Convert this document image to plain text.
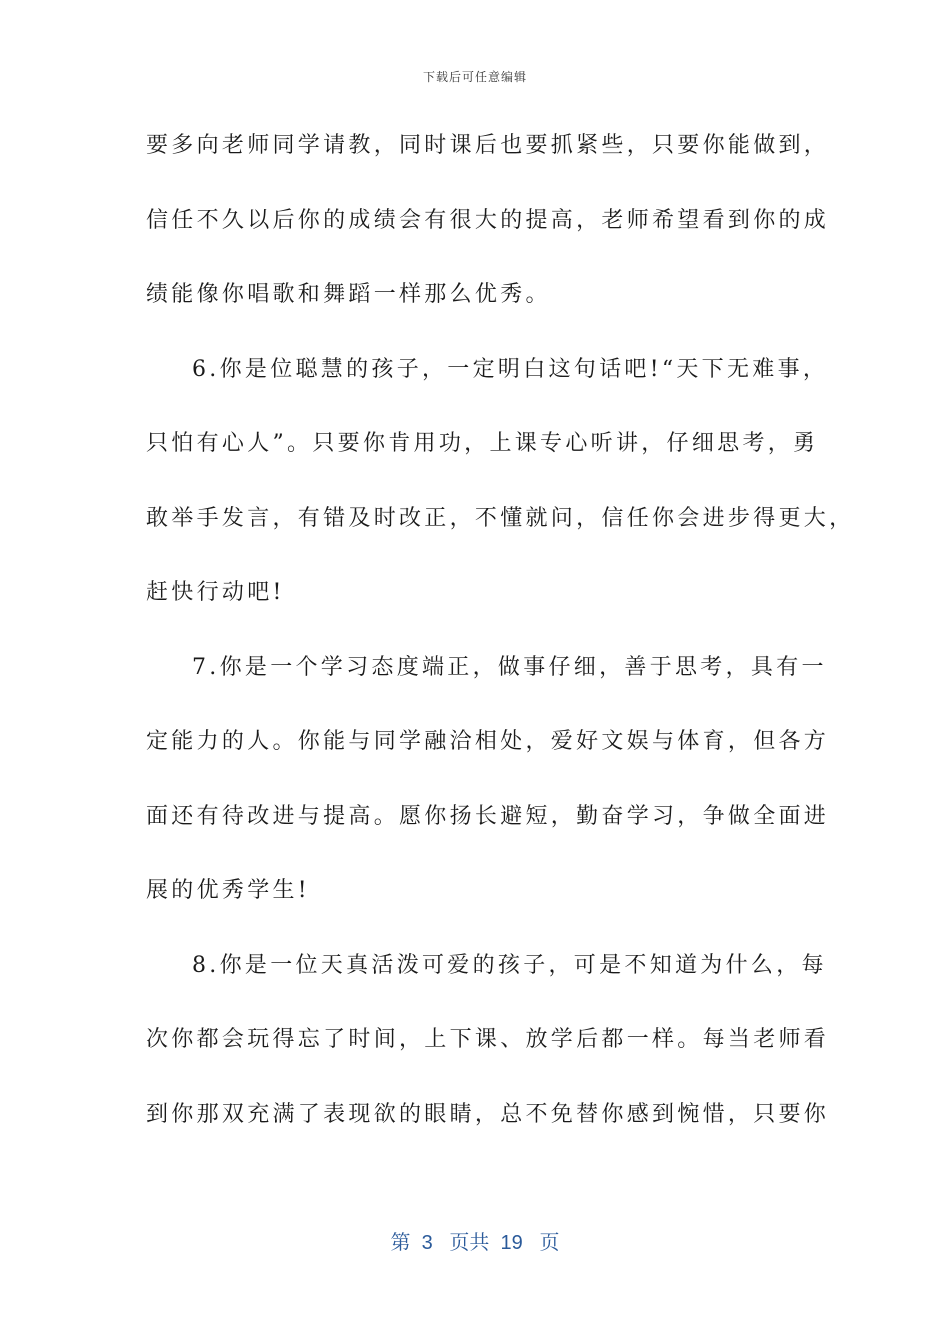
下载后可任意编辑
要多向老师同学请教，同时课后也要抓紧些，只要你能做到，
信任不久以后你的成绩会有很大的提高，老师希望看到你的成
绩能像你唱歌和舞蹈一样那么优秀。
6.你是位聪慧的孩子，一定明白这句话吧!“天下无难事，
只怕有心人”。只要你肯用功，上课专心听讲，仔细思考，勇
敢举手发言，有错及时改正，不懂就问，信任你会进步得更大，
赶快行动吧!
7.你是一个学习态度端正，做事仔细，善于思考，具有一
定能力的人。你能与同学融洽相处，爱好文娱与体育，但各方
面还有待改进与提高。愿你扬长避短，勤奋学习，争做全面进
展的优秀学生!
8.你是一位天真活泼可爱的孩子，可是不知道为什么，每
次你都会玩得忘了时间，上下课、放学后都一样。每当老师看
到你那双充满了表现欲的眼睛，总不免替你感到惋惜，只要你
第  3   页共  19   页
